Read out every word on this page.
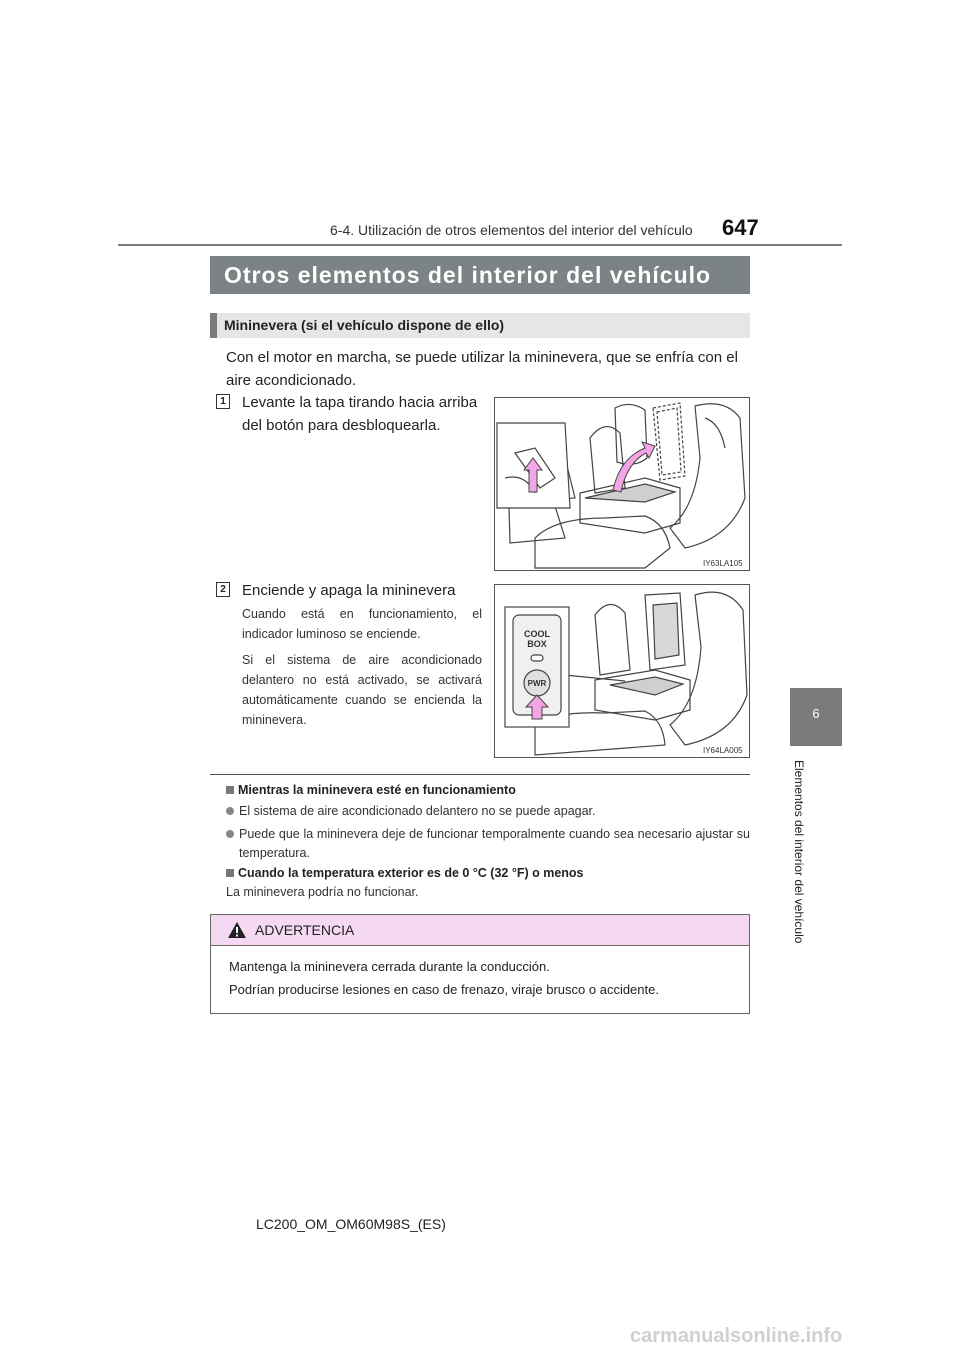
6-4. Utilización de otros elementos del interior del vehículo 647
6
Elementos del interior del vehículo
Otros elementos del interior del vehículo
Mininevera (si el vehículo dispone de ello)
Con el motor en marcha, se puede utilizar la mininevera, que se enfría con el aire acondicionado.
1 Levante la tapa tirando hacia arriba del botón para desbloquearla.
IY63LA105
2 Enciende y apaga la mininevera
Cuando está en funcionamiento, el indicador luminoso se enciende.
Si el sistema de aire acondicionado delantero no está activado, se activará automáticamente cuando se encienda la mininevera.
COOL
BOX
PWR
IY64LA005
Mientras la mininevera esté en funcionamiento
El sistema de aire acondicionado delantero no se puede apagar.
Puede que la mininevera deje de funcionar temporalmente cuando sea necesario ajustar su temperatura.
Cuando la temperatura exterior es de 0 °C (32 °F) o menos
La mininevera podría no funcionar.
ADVERTENCIA
Mantenga la mininevera cerrada durante la conducción.
Podrían producirse lesiones en caso de frenazo, viraje brusco o accidente.
LC200_OM_OM60M98S_(ES)
carmanualsonline.info
